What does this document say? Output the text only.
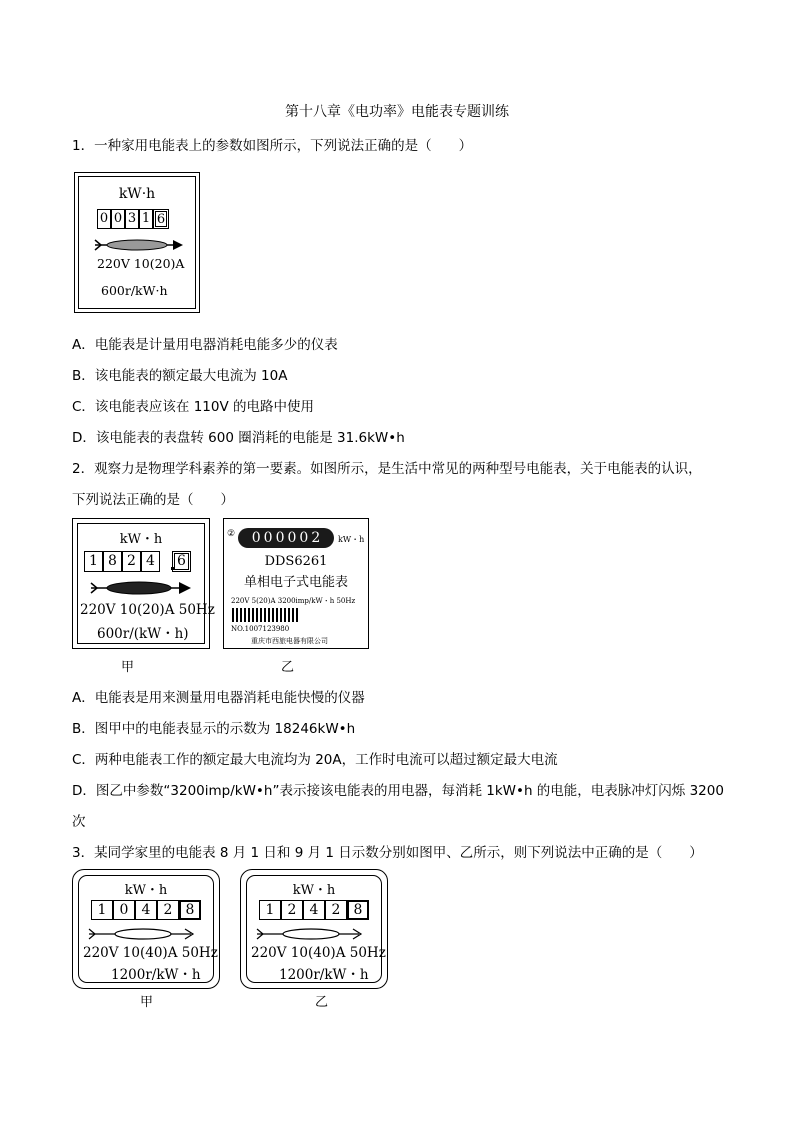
第十八章《电功率》电能表专题训练
1．一种家用电能表上的参数如图所示，下列说法正确的是（　　）
kW·h
0 0 3 1 6
220V 10(20)A
600r/kW·h
A．电能表是计量用电器消耗电能多少的仪表
B．该电能表的额定最大电流为 10A
C．该电能表应该在 110V 的电路中使用
D．该电能表的表盘转 600 圈消耗的电能是 31.6kW•h
2．观察力是物理学科素养的第一要素。如图所示，是生活中常见的两种型号电能表，关于电能表的认识，
下列说法正确的是（　　）
kW・h
1 8 2 4	6
220V 10(20)A 50Hz
600r/(kW・h)
甲
② 0 0 0 0 0 2 kW・h
DDS6261
单相电子式电能表
220V 5(20)A 3200imp/kW・h 50Hz
NO.1007123980
重庆市西旅电器有限公司
乙
A．电能表是用来测量用电器消耗电能快慢的仪器
B．图甲中的电能表显示的示数为 18246kW•h
C．两种电能表工作的额定最大电流均为 20A，工作时电流可以超过额定最大电流
D．图乙中参数“3200imp/kW•h”表示接该电能表的用电器，每消耗 1kW•h 的电能，电表脉冲灯闪烁 3200
次
3．某同学家里的电能表 8 月 1 日和 9 月 1 日示数分别如图甲、乙所示，则下列说法中正确的是（　　）
kW・h
1 0 4 2 8
220V 10(40)A 50Hz
1200r/kW・h
甲
kW・h
1 2 4 2 8
220V 10(40)A 50Hz
1200r/kW・h
乙
